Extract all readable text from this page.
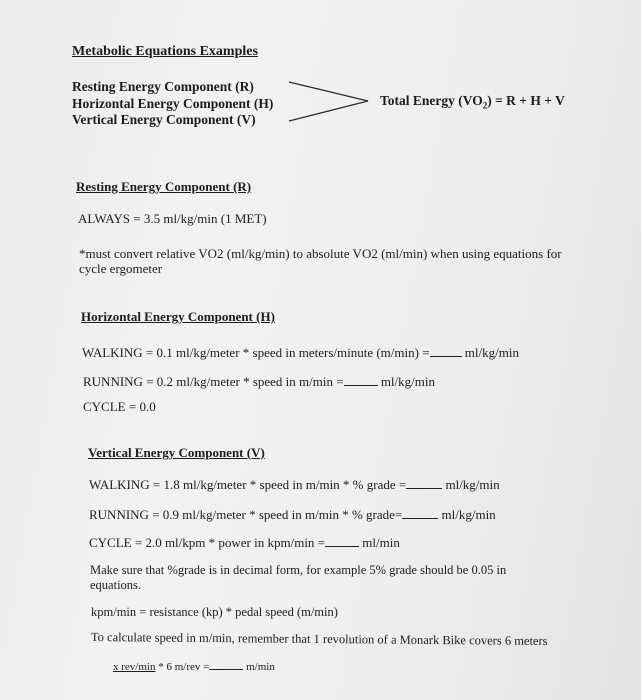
Metabolic Equations Examples
Resting Energy Component (R)
Horizontal Energy Component (H)
Vertical Energy Component (V)
Total Energy $(VO_2) = R + H + V$
Resting Energy Component (R)
ALWAYS = 3.5 ml/kg/min (1 MET)
*must convert relative VO2 (ml/kg/min) to absolute VO2 (ml/min) when using equations for
cycle ergometer
Horizontal Energy Component (H)
WALKING = 0.1 ml/kg/meter * speed in meters/minute (m/min) =	ml/kg/min
RUNNING = 0.2 ml/kg/meter * speed in m/min =	ml/kg/min
CYCLE = 0.0
Vertical Energy Component (V)
WALKING = 1.8 ml/kg/meter * speed in m/min * % grade =	ml/kg/min
RUNNING = 0.9 ml/kg/meter * speed in m/min * % grade=	ml/kg/min
CYCLE = 2.0 ml/kpm * power in kpm/min =	ml/min
Make sure that %grade is in decimal form, for example 5% grade should be 0.05 in
equations.
kpm/min = resistance (kp) * pedal speed (m/min)
To calculate speed in m/min, remember that 1 revolution of a Monark Bike covers 6 meters
x rev/min * 6 m/rev =	m/min
